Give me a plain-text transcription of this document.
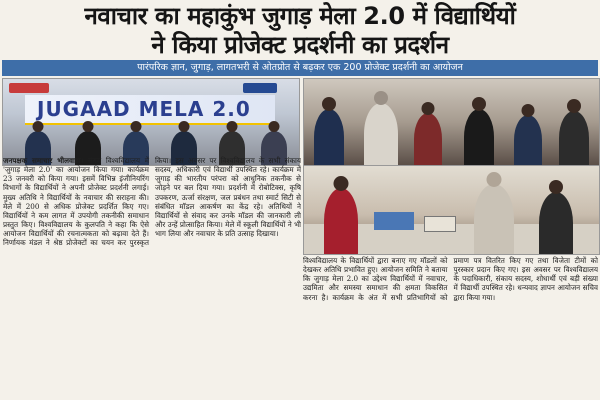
नवाचार का महाकुंभ जुगाड़ मेला 2.0 में विद्यार्थियों
ने किया प्रोजेक्ट प्रदर्शनी का प्रदर्शन
पारंपरिक ज्ञान, जुगाड़, लागतभरी से ओतप्रोत से बढ़कर एक 200 प्रोजेक्ट प्रदर्शनी का आयोजन
JUGAAD MELA 2.0
जनपक्षक समाचार भीलवाड़ा। संगम विश्वविद्यालय में 'जुगाड़ मेला 2.0' का आयोजन किया गया। कार्यक्रम 23 जनवरी को किया गया। इसमें विभिन्न इंजीनियरिंग विभागों के विद्यार्थियों ने अपनी प्रोजेक्ट प्रदर्शनी लगाई। मुख्य अतिथि ने विद्यार्थियों के नवाचार की सराहना की। मेले में 200 से अधिक प्रोजेक्ट प्रदर्शित किए गए। विद्यार्थियों ने कम लागत में उपयोगी तकनीकी समाधान प्रस्तुत किए। विश्वविद्यालय के कुलपति ने कहा कि ऐसे आयोजन विद्यार्थियों की रचनात्मकता को बढ़ावा देते हैं। निर्णायक मंडल ने श्रेष्ठ प्रोजेक्टों का चयन कर पुरस्कृत किया। इस अवसर पर विश्वविद्यालय के सभी संकाय सदस्य, अधिकारी एवं विद्यार्थी उपस्थित रहे। कार्यक्रम में जुगाड़ की भारतीय परंपरा को आधुनिक तकनीक से जोड़ने पर बल दिया गया। प्रदर्शनी में रोबोटिक्स, कृषि उपकरण, ऊर्जा संरक्षण, जल प्रबंधन तथा स्मार्ट सिटी से संबंधित मॉडल आकर्षण का केंद्र रहे। अतिथियों ने विद्यार्थियों से संवाद कर उनके मॉडल की जानकारी ली और उन्हें प्रोत्साहित किया। मेले में स्कूली विद्यार्थियों ने भी भाग लिया और नवाचार के प्रति उत्साह दिखाया।
विश्वविद्यालय के विद्यार्थियों द्वारा बनाए गए मॉडलों को देखकर अतिथि प्रभावित हुए। आयोजन समिति ने बताया कि जुगाड़ मेला 2.0 का उद्देश्य विद्यार्थियों में नवाचार, उद्यमिता और समस्या समाधान की क्षमता विकसित करना है। कार्यक्रम के अंत में सभी प्रतिभागियों को प्रमाण पत्र वितरित किए गए तथा विजेता टीमों को पुरस्कार प्रदान किए गए। इस अवसर पर विश्वविद्यालय के पदाधिकारी, संकाय सदस्य, शोधार्थी एवं बड़ी संख्या में विद्यार्थी उपस्थित रहे। धन्यवाद ज्ञापन आयोजन सचिव द्वारा किया गया।
